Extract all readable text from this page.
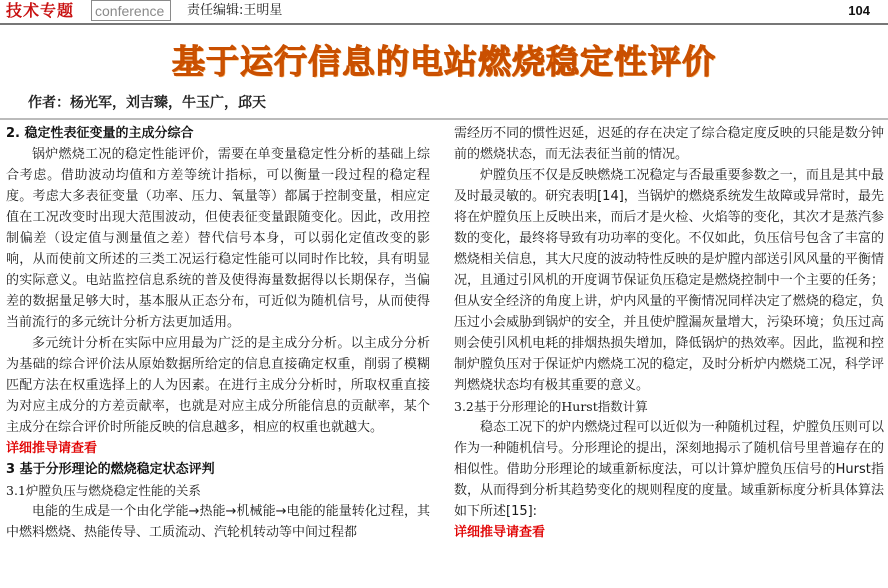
技术专题 conference	责任编辑:王明星	104
基于运行信息的电站燃烧稳定性评价
作者：杨光军，刘吉臻，牛玉广，邱天

2. 稳定性表征变量的主成分综合

锅炉燃烧工况的稳定性能评价，需要在单变量稳定性分析的基础上综合考虑。借助波动均值和方差等统计指标，可以衡量一段过程的稳定程度。考虑大多表征变量（功率、压力、氧量等）都属于控制变量，相应定值在工况改变时出现大范围波动，但使表征变量跟随变化。因此，改用控制偏差（设定值与测量值之差）替代信号本身，可以弱化定值改变的影响，从而使前文所述的三类工况运行稳定性能可以同时作比较，具有明显的实际意义。电站监控信息系统的普及使得海量数据得以长期保存，当偏差的数据量足够大时，基本服从正态分布，可近似为随机信号，从而使得当前流行的多元统计分析方法更加适用。

多元统计分析在实际中应用最为广泛的是主成分分析。以主成分分析为基础的综合评价法从原始数据所给定的信息直接确定权重，削弱了模糊匹配方法在权重选择上的人为因素。在进行主成分分析时，所取权重直接为对应主成分的方差贡献率，也就是对应主成分所能信息的贡献率，某个主成分在综合评价时所能反映的信息越多，相应的权重也就越大。

详细推导请查看

3 基于分形理论的燃烧稳定状态评判

3.1炉膛负压与燃烧稳定性能的关系

电能的生成是一个由化学能→热能→机械能→电能的能量转化过程，其中燃料燃烧、热能传导、工质流动、汽轮机转动等中间过程都

需经历不同的惯性迟延，迟延的存在决定了综合稳定度反映的只能是数分钟前的燃烧状态，而无法表征当前的情况。

炉膛负压不仅是反映燃烧工况稳定与否最重要参数之一，而且是其中最及时最灵敏的。研究表明[14]，当锅炉的燃烧系统发生故障或异常时，最先将在炉膛负压上反映出来，而后才是火检、火焰等的变化，其次才是蒸汽参数的变化，最终将导致有功功率的变化。不仅如此，负压信号包含了丰富的燃烧相关信息，其大尺度的波动特性反映的是炉膛内部送引风风量的平衡情况，且通过引风机的开度调节保证负压稳定是燃烧控制中一个主要的任务；但从安全经济的角度上讲，炉内风量的平衡情况同样决定了燃烧的稳定，负压过小会威胁到锅炉的安全，并且使炉膛漏灰量增大，污染环境；负压过高则会使引风机电耗的排烟热损失增加，降低锅炉的热效率。因此，监视和控制炉膛负压对于保证炉内燃烧工况的稳定，及时分析炉内燃烧工况，科学评判燃烧状态均有极其重要的意义。

3.2基于分形理论的Hurst指数计算

稳态工况下的炉内燃烧过程可以近似为一种随机过程，炉膛负压则可以作为一种随机信号。分形理论的提出，深刻地揭示了随机信号里普遍存在的相似性。借助分形理论的域重新标度法，可以计算炉膛负压信号的Hurst指数，从而得到分析其趋势变化的规则程度的度量。域重新标度分析具体算法如下所述[15]:

详细推导请查看
